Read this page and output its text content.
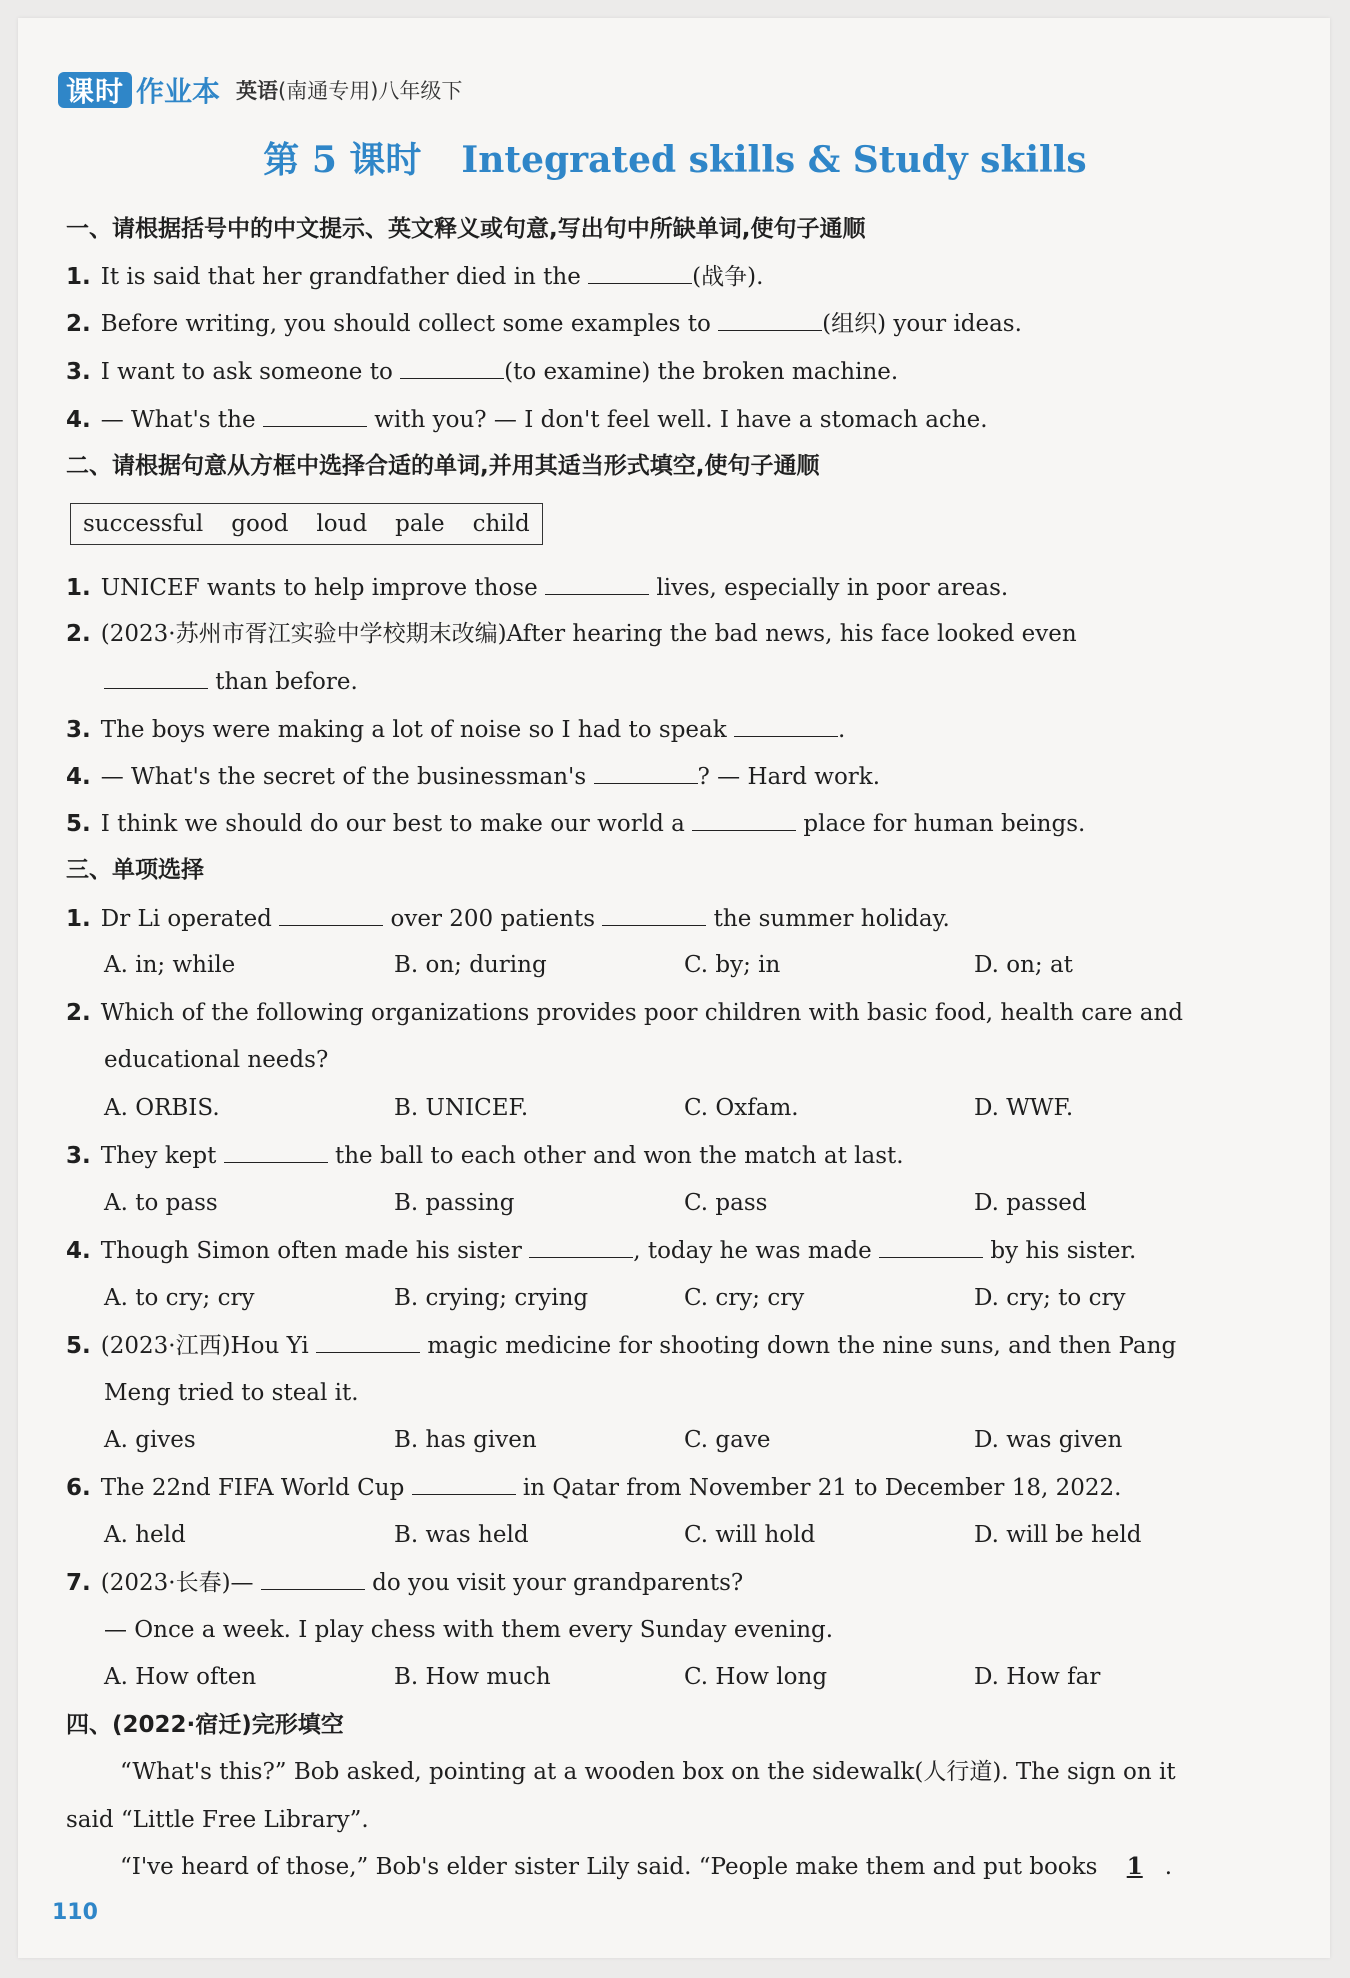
课时 作业本 英语(南通专用)八年级下
第 5 课时 Integrated skills & Study skills
一、请根据括号中的中文提示、英文释义或句意,写出句中所缺单词,使句子通顺
1. It is said that her grandfather died in the	(战争).
2. Before writing, you should collect some examples to	(组织) your ideas.
3. I want to ask someone to	(to examine) the broken machine.
4. — What's the	with you? — I don't feel well. I have a stomach ache.
二、请根据句意从方框中选择合适的单词,并用其适当形式填空,使句子通顺
successful good loud pale child
1. UNICEF wants to help improve those	lives, especially in poor areas.
2. (2023·苏州市胥江实验中学校期末改编)After hearing the bad news, his face looked even
than before.
3. The boys were making a lot of noise so I had to speak	.
4. — What's the secret of the businessman's	? — Hard work.
5. I think we should do our best to make our world a	place for human beings.
三、单项选择
1. Dr Li operated	over 200 patients	the summer holiday.
A. in; while	B. on; during	C. by; in	D. on; at
2. Which of the following organizations provides poor children with basic food, health care and
educational needs?
A. ORBIS.	B. UNICEF.	C. Oxfam.	D. WWF.
3. They kept	the ball to each other and won the match at last.
A. to pass	B. passing	C. pass	D. passed
4. Though Simon often made his sister	, today he was made	by his sister.
A. to cry; cry	B. crying; crying	C. cry; cry	D. cry; to cry
5. (2023·江西)Hou Yi	magic medicine for shooting down the nine suns, and then Pang
Meng tried to steal it.
A. gives	B. has given	C. gave	D. was given
6. The 22nd FIFA World Cup	in Qatar from November 21 to December 18, 2022.
A. held	B. was held	C. will hold	D. will be held
7. (2023·长春)—	do you visit your grandparents?
— Once a week. I play chess with them every Sunday evening.
A. How often	B. How much	C. How long	D. How far
四、(2022·宿迁)完形填空
“What's this?” Bob asked, pointing at a wooden box on the sidewalk(人行道). The sign on it
said “Little Free Library”.
“I've heard of those,” Bob's elder sister Lily said. “People make them and put books 1 .
110
